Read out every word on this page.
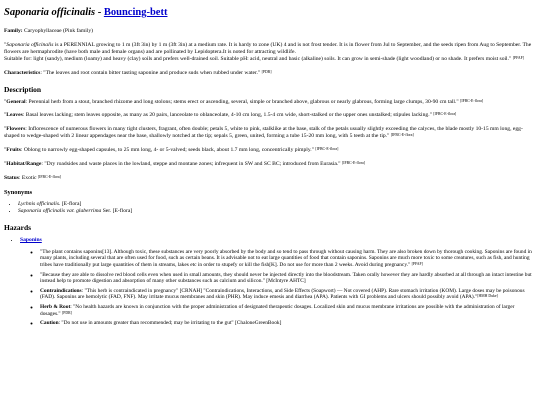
Saponaria officinalis - Bouncing-bett

Family: Caryophyllaceae (Pink family)

"Saponaria officinalis is a PERENNIAL growing to 1 m (3ft 3in) by 1 m (3ft 3in) at a medium rate. It is hardy to zone (UK) 4 and is not frost tender. It is in flower from Jul to September, and the seeds ripen from Aug to September. The flowers are hermaphrodite (have both male and female organs) and are pollinated by Lepidoptera.It is noted for attracting wildlife.

Suitable for: light (sandy), medium (loamy) and heavy (clay) soils and prefers well-drained soil. Suitable pH: acid, neutral and basic (alkaline) soils. It can grow in semi-shade (light woodland) or no shade. It prefers moist soil." [PFAF]

Characteristics: "The leaves and root contain bitter tasting saponine and produce suds when rubbed under water." [PDR]

Description

"General: Perennial herb from a stout, branched rhizome and long stolons; stems erect or ascending, several, simple or branched above, glabrous or nearly glabrous, forming large clumps, 30-90 cm tall." [IFBC-E-flora]

"Leaves: Basal leaves lacking; stem leaves opposite, as many as 20 pairs, lanceolate to oblanceolate, 4-10 cm long, 1.5-4 cm wide, short-stalked or the upper ones unstalked; stipules lacking." [IFBC-E-flora]

"Flowers: Inflorescence of numerous flowers in many tight clusters, fragrant, often double; petals 5, white to pink, stalklike at the base, stalk of the petals usually slightly exceeding the calyces, the blade mostly 10-15 mm long, egg-shaped to wedge-shaped with 2 linear appendages near the base, shallowly notched at the tip; sepals 5, green, united, forming a tube 15-20 mm long, with 5 teeth at the tip." [IFBC-E-flora]

"Fruits: Oblong to narrowly egg-shaped capsules, to 25 mm long, 4- or 5-valved; seeds black, about 1.7 mm long, concentrically pimply." [IFBC-E-flora]

"Habitat/Range: "Dry roadsides and waste places in the lowland, steppe and montane zones; infrequent in SW and SC BC; introduced from Eurasia." [IFBC-E-flora]

Status: Exotic [IFBC-E-flora]

Synonyms
• Lychnis officinalis. [E-flora]
• Saponaria officinalis var. glaberrima Ser. [E-flora]
Hazards
• Saponins
◦ "The plant contains saponins[13]. Although toxic, these substances are very poorly absorbed by the body and so tend to pass through without causing harm. They are also broken down by thorough cooking. Saponins are found in many plants, including several that are often used for food, such as certain beans. It is advisable not to eat large quantities of food that contain saponins. Saponins are much more toxic to some creatures, such as fish, and hunting tribes have traditionally put large quantities of them in streams, lakes etc in order to stupefy or kill the fish[K]. Do not use for more than 2 weeks. Avoid during pregnancy." [PFAF]
◦ "Because they are able to dissolve red blood cells even when used in small amounts, they should never be injected directly into the bloodstream. Taken orally however they are hardly absorbed at all through an intact intestine but instead help to promote digestion and absorption of many other substances such as calcium and silicon." [McIntyre AHTC]
◦ Contraindications: "This herb is contraindicated in pregnancy" [CRNAH] "Contraindications, Interactions, and Side Effects (Soapwort) — Not covered (AHP). Rare stomach irritation (KOM). Large doses may be poisonous (FAD). Saponins are hemolytic (FAD, FNF). May irritate mucus membranes and skin (PHR). May induce emesis and diarrhea (APA). Patients with GI problems and ulcers should possibly avoid (APA)."[HMH Duke]
◦ Herb & Root: "No health hazards are known in conjunction with the proper administration of designated therapeutic dosages. Localized skin and mucus membrane irritations are possible with the administration of larger dosages." [PDR]
◦ Caution: "Do not use in amounts greater than recommended; may be irritating to the gut" [ChaloneGreenBook]
